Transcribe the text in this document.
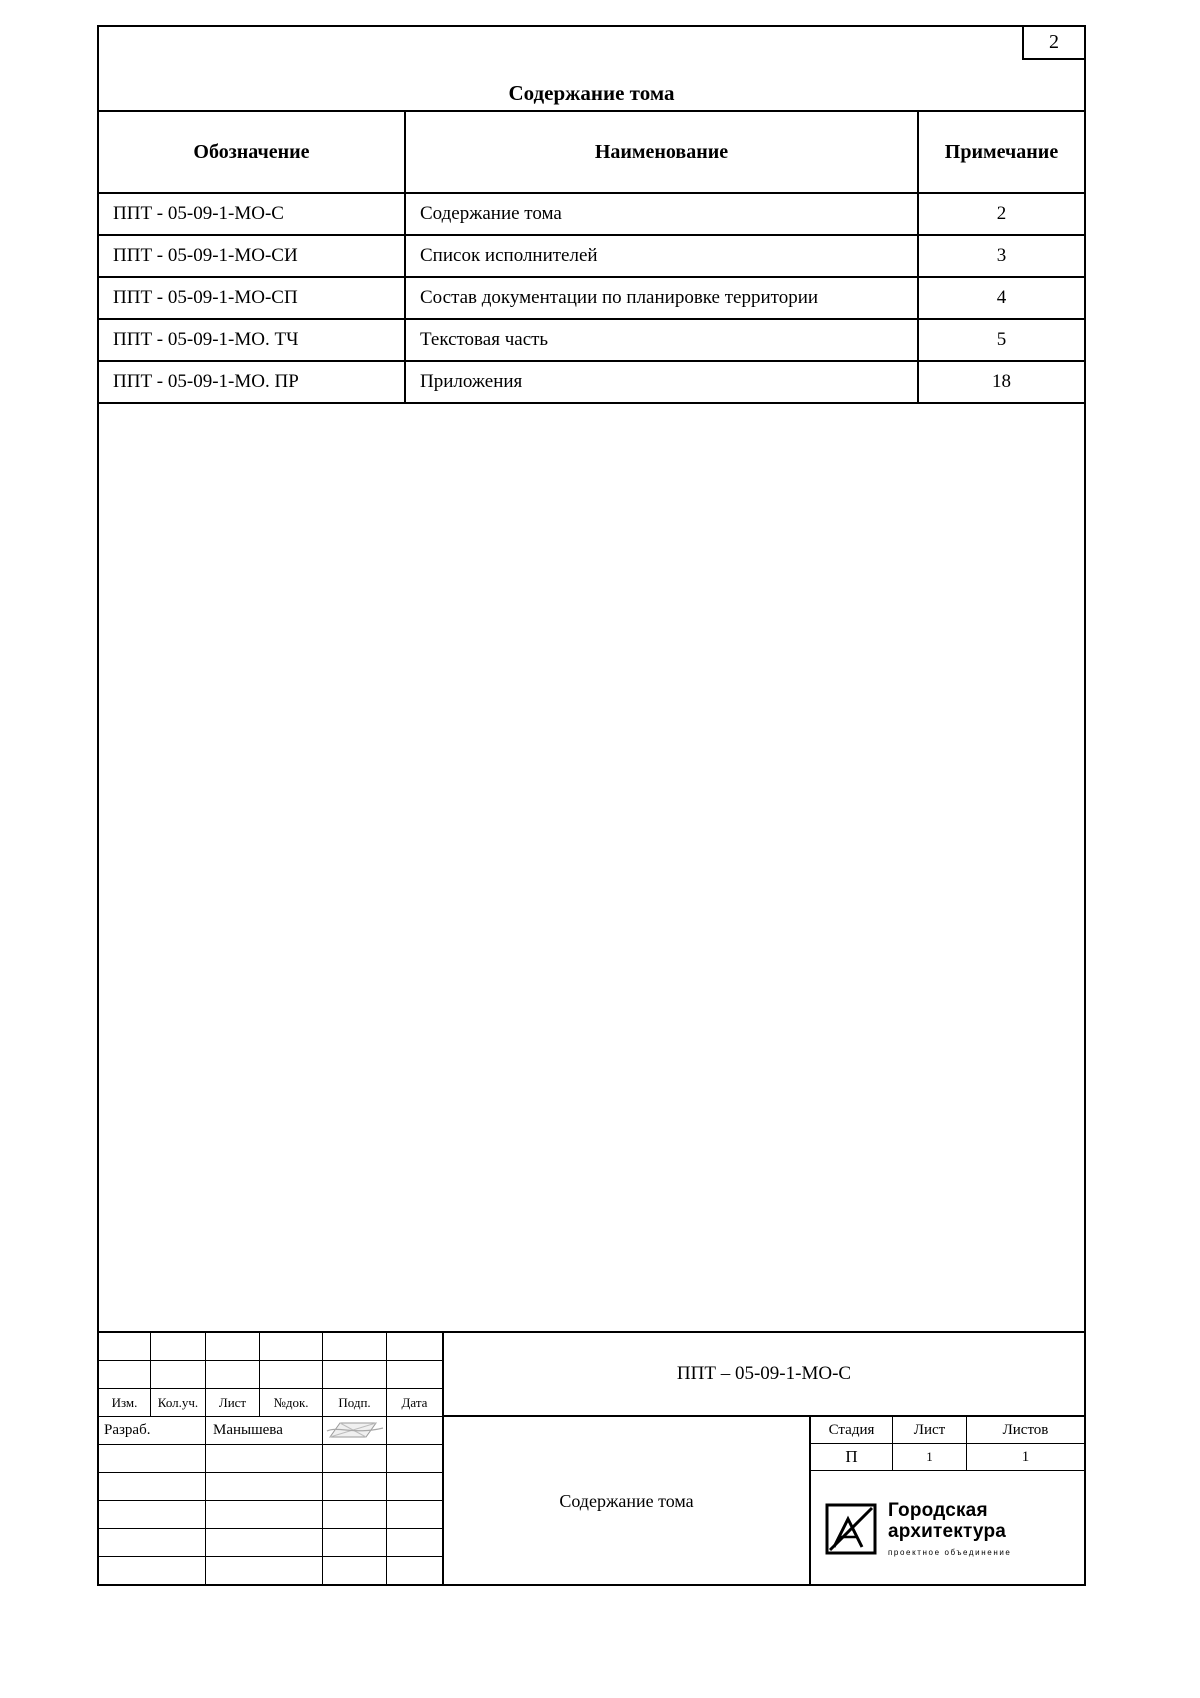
2
Содержание тома
Обозначение	Наименование	Примечание
ППТ - 05-09-1-МО-С	Содержание тома	2
ППТ - 05-09-1-МО-СИ	Список исполнителей	3
ППТ - 05-09-1-МО-СП	Состав документации по планировке территории	4
ППТ - 05-09-1-МО. ТЧ	Текстовая часть	5
ППТ - 05-09-1-МО. ПР	Приложения	18
Изм.	Кол.уч.	Лист	№док.	Подп.	Дата
Разраб.	Манышева
ППТ – 05-09-1-МО-С
Содержание тома
Стадия	Лист	Листов
П	1	1
Городская
архитектура
проектное объединение
